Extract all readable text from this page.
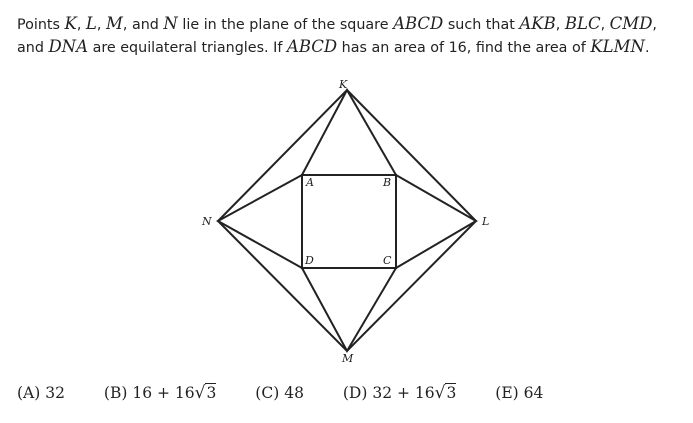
Points K, L, M, and N lie in the plane of the square ABCD such that AKB, BLC, CMD,
and DNA are equilateral triangles. If ABCD has an area of 16, find the area of KLMN.
K
L
M
N
A	B
C
D
(A) 32	(B) 16 + 16√3	(C) 48	(D) 32 + 16√3	(E) 64
